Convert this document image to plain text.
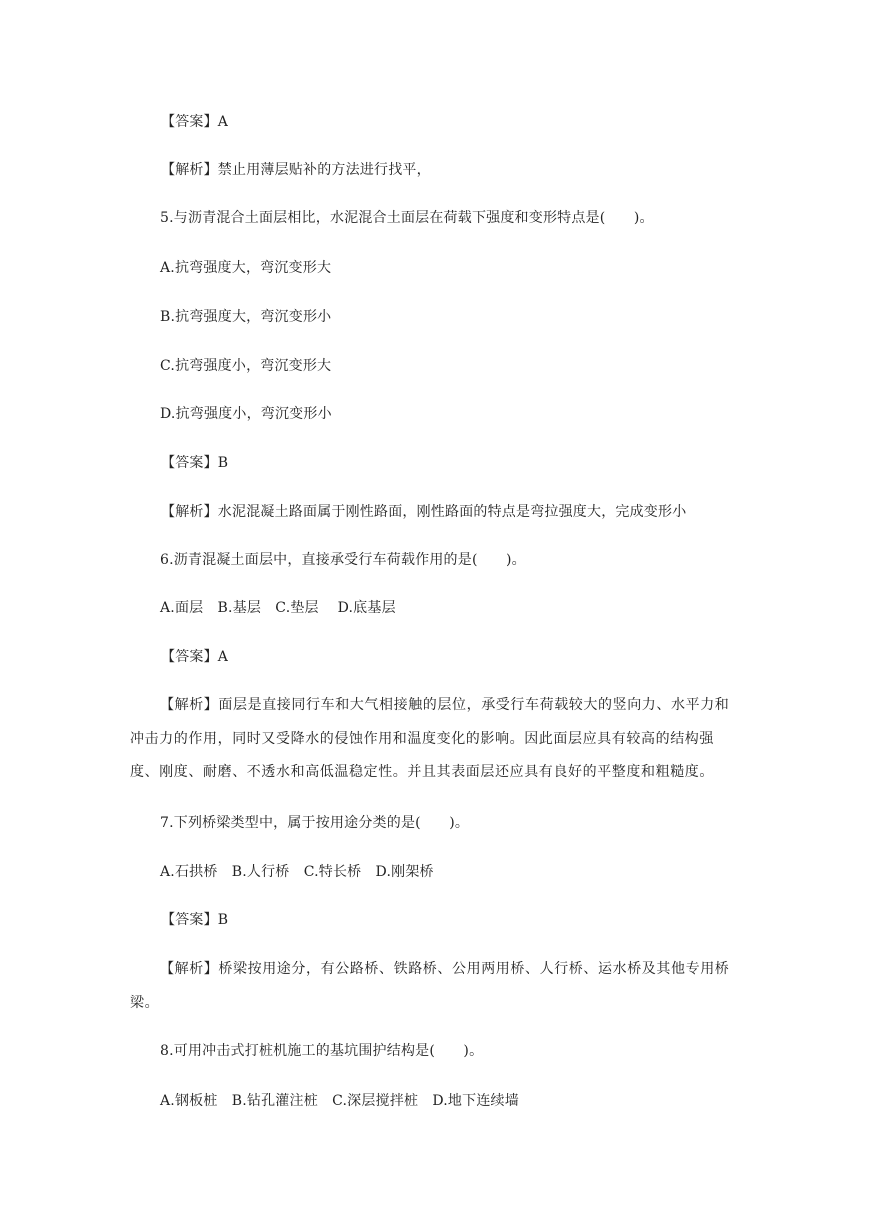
【答案】A
【解析】禁止用薄层贴补的方法进行找平，
5.与沥青混合土面层相比，水泥混合土面层在荷载下强度和变形特点是(　　)。
A.抗弯强度大，弯沉变形大
B.抗弯强度大，弯沉变形小
C.抗弯强度小，弯沉变形大
D.抗弯强度小，弯沉变形小
【答案】B
【解析】水泥混凝土路面属于刚性路面，刚性路面的特点是弯拉强度大，完成变形小
6.沥青混凝土面层中，直接承受行车荷载作用的是(　　)。
A.面层　B.基层　C.垫层　 D.底基层
【答案】A
【解析】面层是直接同行车和大气相接触的层位，承受行车荷载较大的竖向力、水平力和冲击力的作用，同时又受降水的侵蚀作用和温度变化的影响。因此面层应具有较高的结构强度、刚度、耐磨、不透水和高低温稳定性。并且其表面层还应具有良好的平整度和粗糙度。
7.下列桥梁类型中，属于按用途分类的是(　　)。
A.石拱桥　B.人行桥　C.特长桥　D.刚架桥
【答案】B
【解析】桥梁按用途分，有公路桥、铁路桥、公用两用桥、人行桥、运水桥及其他专用桥梁。
8.可用冲击式打桩机施工的基坑围护结构是(　　)。
A.钢板桩　B.钻孔灌注桩　C.深层搅拌桩　D.地下连续墙
